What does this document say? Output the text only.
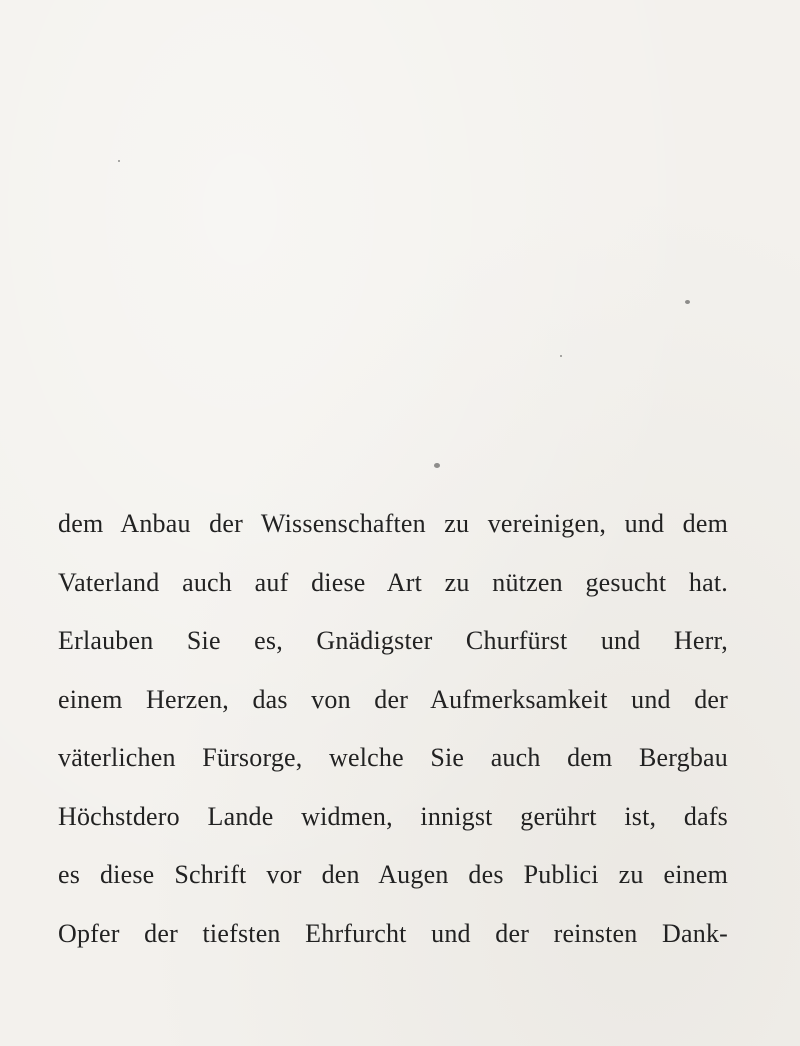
dem Anbau der Wissenschaften zu vereinigen, und dem
Vaterland auch auf diese Art zu nützen gesucht hat.
Erlauben Sie es, Gnädigster Churfürst und Herr,
einem Herzen, das von der Aufmerksamkeit und der
väterlichen Fürsorge, welche Sie auch dem Bergbau
Höchstdero Lande widmen, innigst gerührt ist, dafs
es diese Schrift vor den Augen des Publici zu einem
Opfer der tiefsten Ehrfurcht und der reinsten Dank-
